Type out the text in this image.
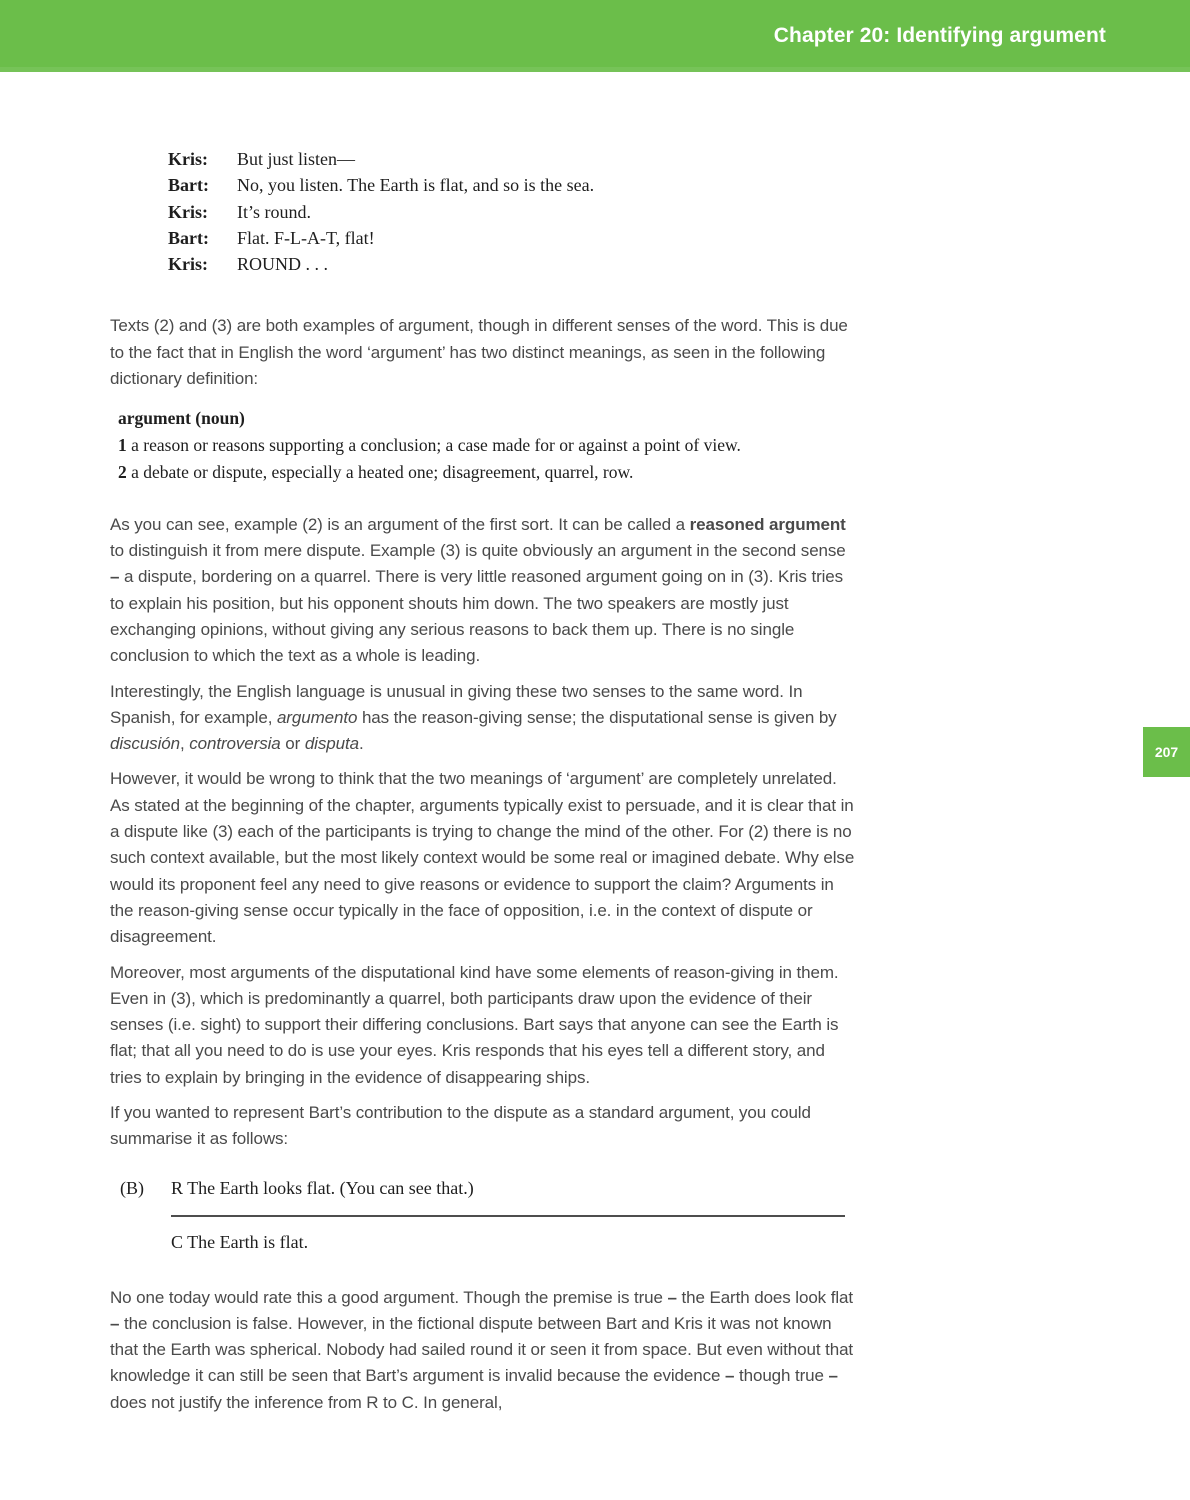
Chapter 20: Identifying argument
207
Kris:	But just listen—
Bart:	No, you listen. The Earth is flat, and so is the sea.
Kris:	It’s round.
Bart:	Flat. F-L-A-T, flat!
Kris:	ROUND . . .

Texts (2) and (3) are both examples of argument, though in different senses of the word. This is due to the fact that in English the word ‘argument’ has two distinct meanings, as seen in the following dictionary definition:

argument (noun)
1 a reason or reasons supporting a conclusion; a case made for or against a point of view.
2 a debate or dispute, especially a heated one; disagreement, quarrel, row.

As you can see, example (2) is an argument of the first sort. It can be called a reasoned argument to distinguish it from mere dispute. Example (3) is quite obviously an argument in the second sense – a dispute, bordering on a quarrel. There is very little reasoned argument going on in (3). Kris tries to explain his position, but his opponent shouts him down. The two speakers are mostly just exchanging opinions, without giving any serious reasons to back them up. There is no single conclusion to which the text as a whole is leading.

Interestingly, the English language is unusual in giving these two senses to the same word. In Spanish, for example, argumento has the reason-giving sense; the disputational sense is given by discusión, controversia or disputa.

However, it would be wrong to think that the two meanings of ‘argument’ are completely unrelated. As stated at the beginning of the chapter, arguments typically exist to persuade, and it is clear that in a dispute like (3) each of the participants is trying to change the mind of the other. For (2) there is no such context available, but the most likely context would be some real or imagined debate. Why else would its proponent feel any need to give reasons or evidence to support the claim? Arguments in the reason-giving sense occur typically in the face of opposition, i.e. in the context of dispute or disagreement.

Moreover, most arguments of the disputational kind have some elements of reason-giving in them. Even in (3), which is predominantly a quarrel, both participants draw upon the evidence of their senses (i.e. sight) to support their differing conclusions. Bart says that anyone can see the Earth is flat; that all you need to do is use your eyes. Kris responds that his eyes tell a different story, and tries to explain by bringing in the evidence of disappearing ships.

If you wanted to represent Bart’s contribution to the dispute as a standard argument, you could summarise it as follows:

(B)	R The Earth looks flat. (You can see that.)
C The Earth is flat.

No one today would rate this a good argument. Though the premise is true – the Earth does look flat – the conclusion is false. However, in the fictional dispute between Bart and Kris it was not known that the Earth was spherical. Nobody had sailed round it or seen it from space. But even without that knowledge it can still be seen that Bart’s argument is invalid because the evidence – though true – does not justify the inference from R to C. In general,
